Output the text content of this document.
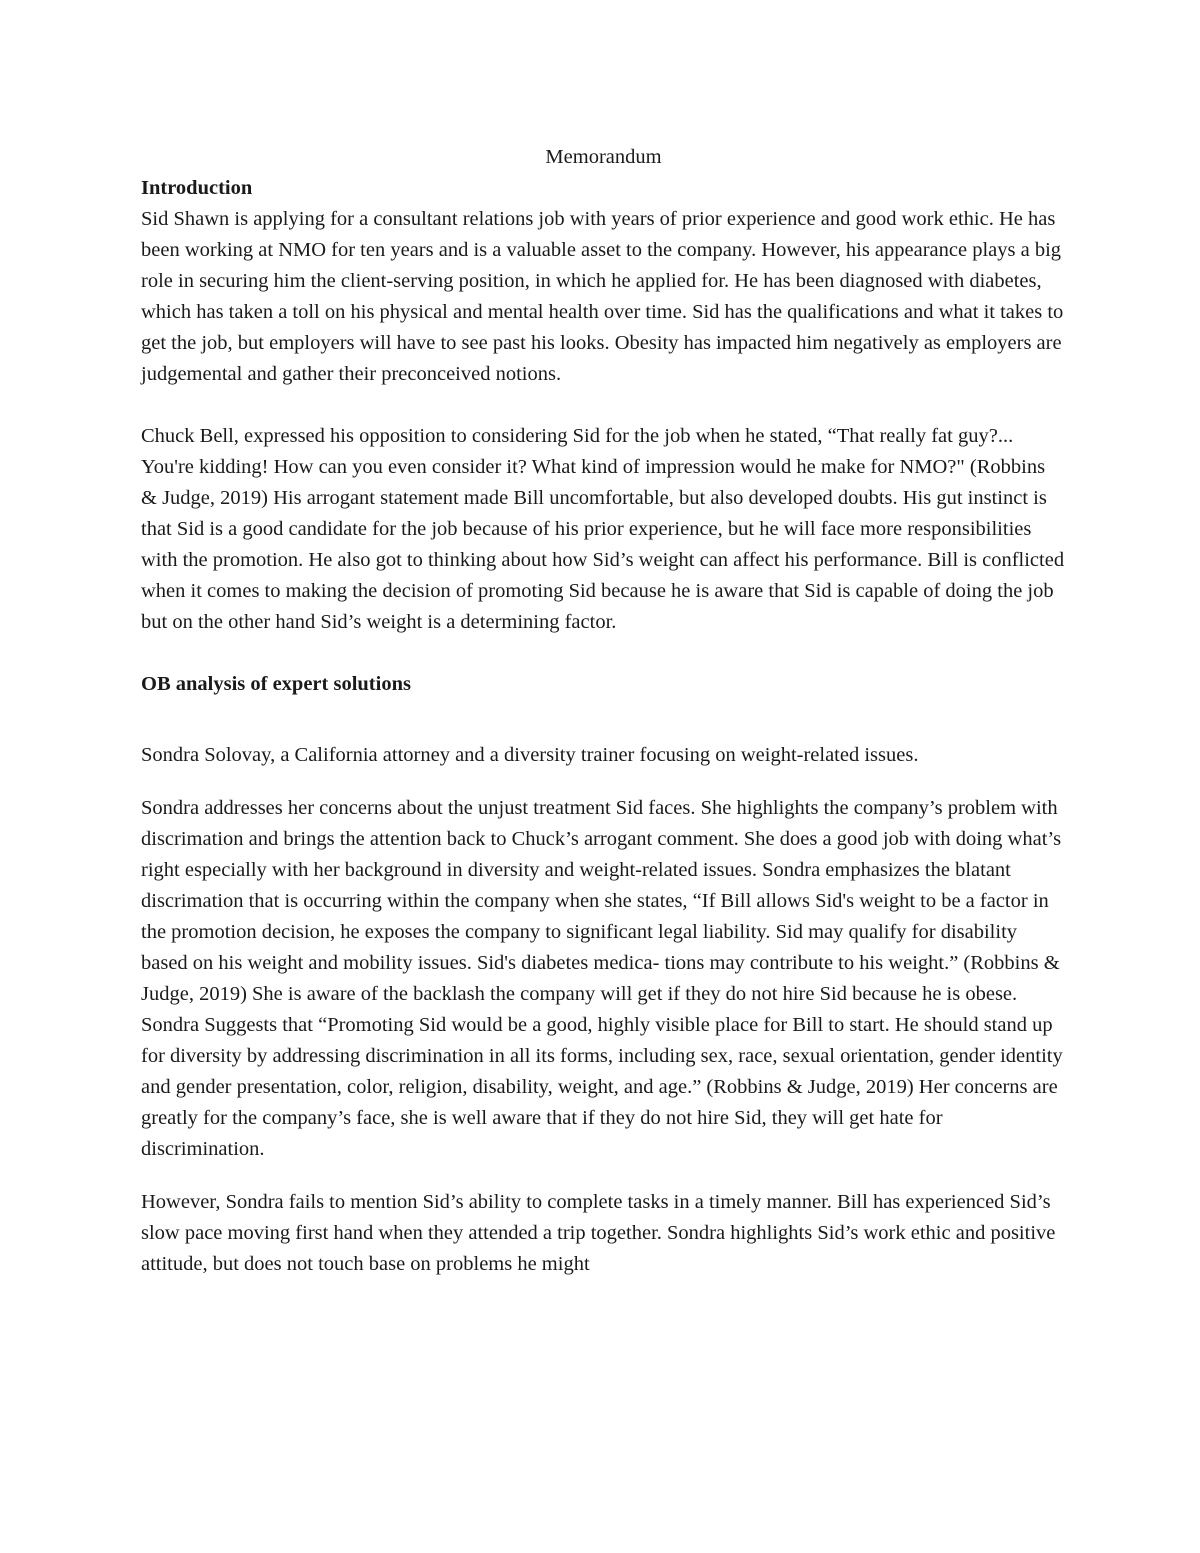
Memorandum

Introduction

Sid Shawn is applying for a consultant relations job with years of prior experience and good work ethic. He has been working at NMO for ten years and is a valuable asset to the company. However, his appearance plays a big role in securing him the client-serving position, in which he applied for. He has been diagnosed with diabetes, which has taken a toll on his physical and mental health over time. Sid has the qualifications and what it takes to get the job, but employers will have to see past his looks. Obesity has impacted him negatively as employers are judgemental and gather their preconceived notions.

Chuck Bell, expressed his opposition to considering Sid for the job when he stated, “That really fat guy?... You're kidding! How can you even consider it? What kind of impression would he make for NMO?" (Robbins & Judge, 2019) His arrogant statement made Bill uncomfortable, but also developed doubts. His gut instinct is that Sid is a good candidate for the job because of his prior experience, but he will face more responsibilities with the promotion. He also got to thinking about how Sid’s weight can affect his performance. Bill is conflicted when it comes to making the decision of promoting Sid because he is aware that Sid is capable of doing the job but on the other hand Sid’s weight is a determining factor.

OB analysis of expert solutions

Sondra Solovay, a California attorney and a diversity trainer focusing on weight-related issues.

Sondra addresses her concerns about the unjust treatment Sid faces. She highlights the company’s problem with discrimation and brings the attention back to Chuck’s arrogant comment. She does a good job with doing what’s right especially with her background in diversity and weight-related issues. Sondra emphasizes the blatant discrimation that is occurring within the company when she states, “If Bill allows Sid's weight to be a factor in the promotion decision, he exposes the company to significant legal liability. Sid may qualify for disability based on his weight and mobility issues. Sid's diabetes medica- tions may contribute to his weight.” (Robbins & Judge, 2019) She is aware of the backlash the company will get if they do not hire Sid because he is obese. Sondra Suggests that “Promoting Sid would be a good, highly visible place for Bill to start. He should stand up for diversity by addressing discrimination in all its forms, including sex, race, sexual orientation, gender identity and gender presentation, color, religion, disability, weight, and age.” (Robbins & Judge, 2019) Her concerns are greatly for the company’s face, she is well aware that if they do not hire Sid, they will get hate for discrimination.

However, Sondra fails to mention Sid’s ability to complete tasks in a timely manner. Bill has experienced Sid’s slow pace moving first hand when they attended a trip together. Sondra highlights Sid’s work ethic and positive attitude, but does not touch base on problems he might
